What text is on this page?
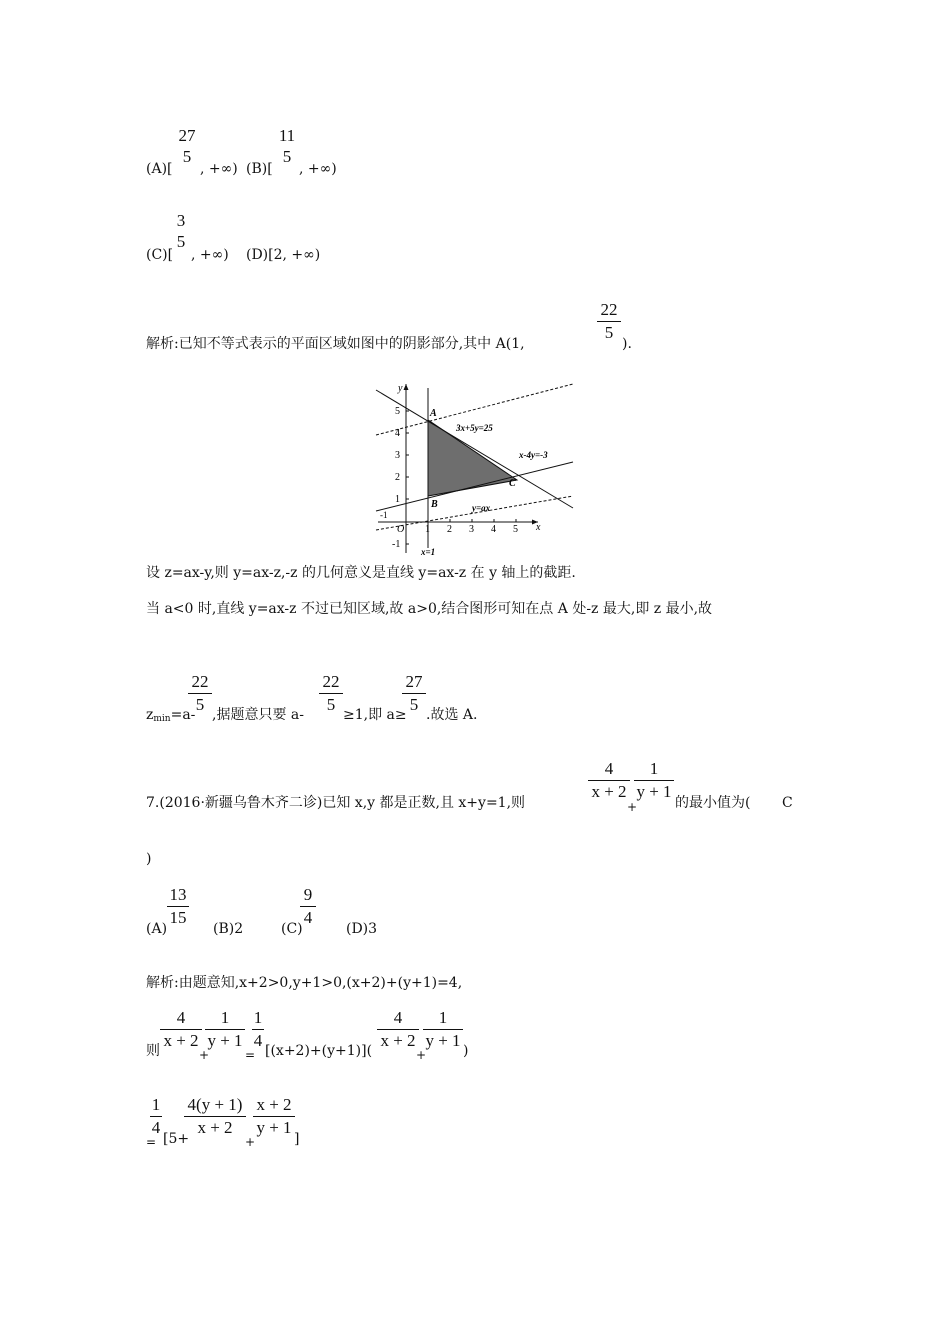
27
5
(A)[ , +∞)
11
5
(B)[ , +∞)
3
5
(C)[ , +∞) (D)[2, +∞)
解析:已知不等式表示的平面区域如图中的阴影部分,其中 A(1,
22
5
).
x
y
O 1 2 3 4 5
5
4
3
2
1
-1
-1
A
B
C
3x+5y=25
x-4y=-3
y=ax
x=1
设 z=ax-y,则 y=ax-z,-z 的几何意义是直线 y=ax-z 在 y 轴上的截距.
当 a<0 时,直线 y=ax-z 不过已知区域,故 a>0,结合图形可知在点 A 处-z 最大,即 z 最小,故
$z_{min}=a-$
22
5
,据题意只要 a-
22
5
≥1,即 a≥
27
5
.故选 A.
7.(2016·新疆乌鲁木齐二诊)已知 x,y 都是正数,且 x+y=1,则
4
x + 2
+
1
y + 1
的最小值为( C
)
(A)
13
15
(B)2	(C)
9
4
(D)3
解析:由题意知,x+2>0,y+1>0,(x+2)+(y+1)=4,
则
4
x + 2
+
1
y + 1
=
1
4
[(x+2)+(y+1)](
4
x + 2
+
1
y + 1
)
=
1
4
[5+
4(y + 1)
x + 2
+
x + 2
y + 1
]
